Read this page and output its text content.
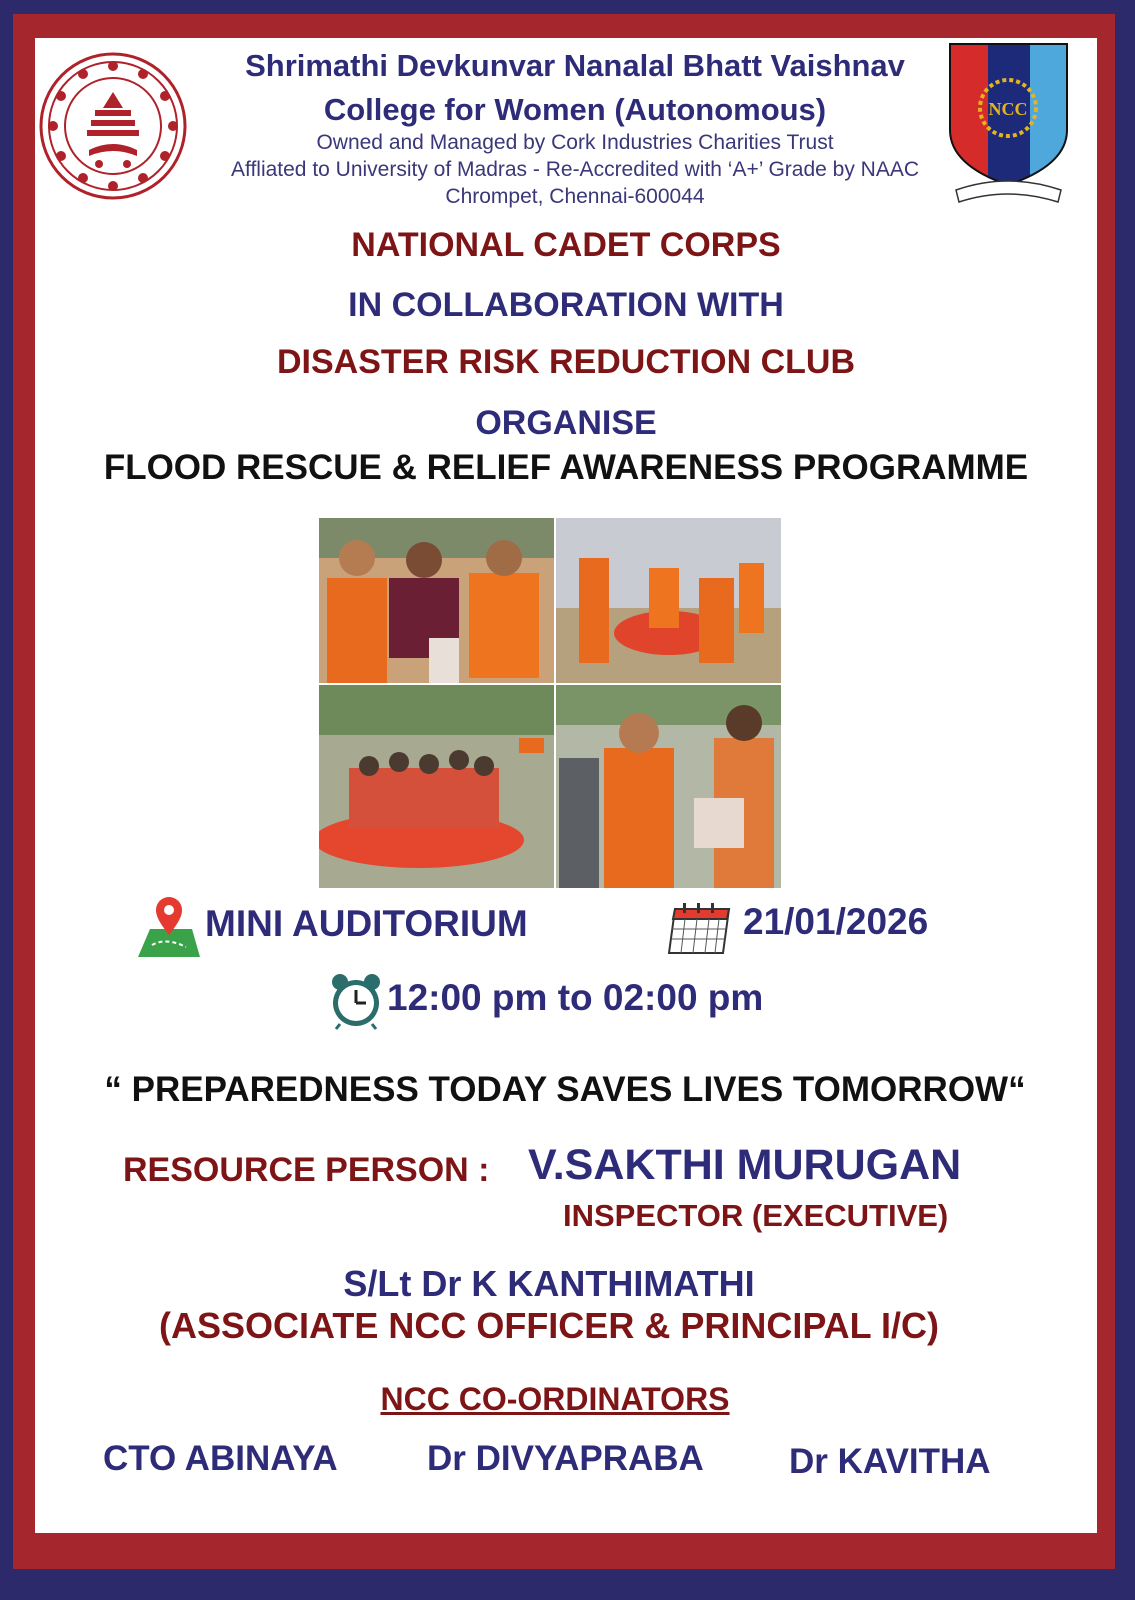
NCC
Shrimathi Devkunvar Nanalal Bhatt Vaishnav
College for Women (Autonomous)
Owned and Managed by Cork Industries Charities Trust
Affliated to University of Madras - Re-Accredited with ‘A+’ Grade by NAAC
Chrompet, Chennai-600044
NATIONAL CADET CORPS
IN COLLABORATION WITH
DISASTER RISK REDUCTION CLUB
ORGANISE
FLOOD RESCUE & RELIEF AWARENESS PROGRAMME
MINI AUDITORIUM	21/01/2026
12:00 pm to 02:00 pm
“ PREPAREDNESS TODAY SAVES LIVES TOMORROW“
RESOURCE PERSON : V.SAKTHI MURUGAN
INSPECTOR (EXECUTIVE)
S/Lt Dr K KANTHIMATHI
(ASSOCIATE NCC OFFICER & PRINCIPAL I/C)
NCC CO-ORDINATORS
CTO ABINAYA	Dr DIVYAPRABA Dr KAVITHA
